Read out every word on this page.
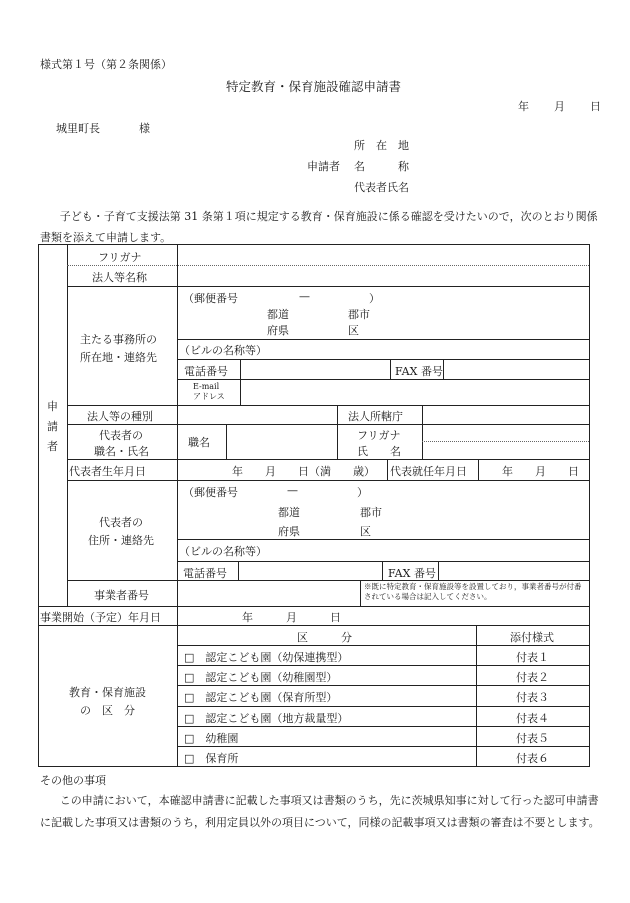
様式第１号（第２条関係）
特定教育・保育施設確認申請書
年 月 日
城里町長	様
所　在　地
申請者 名　　　称
代表者氏名
子ども・子育て支援法第 31 条第１項に規定する教育・保育施設に係る確認を受けたいので，次のとおり関係書類を添えて申請します。
申
請
者
フリガナ
法人等名称
主たる事務所の
所在地・連絡先
（郵便番号	—	）
都道	郡市
府県	区
（ビルの名称等）
電話番号	FAX 番号
E-mail
アドレス
法人等の種別	法人所轄庁
代表者の
職名・氏名
職名
フリガナ
氏　　名
代表者生年月日	年　　月　　日（満　　歳） 代表就任年月日	年　　月　　日
代表者の
住所・連絡先
（郵便番号	—	）
都道	郡市
府県	区
（ビルの名称等）
電話番号	FAX 番号
事業者番号
※既に特定教育・保育施設等を設置しており，事業者番号が付番されている場合は記入してください。
事業開始（予定）年月日	年　　　月　　　日
教育・保育施設
の　区　分
区　　　分	添付様式
□　認定こども園（幼保連携型）	付表１
□　認定こども園（幼稚園型）	付表２
□　認定こども園（保育所型）	付表３
□　認定こども園（地方裁量型）	付表４
□　幼稚園	付表５
□　保育所	付表６
その他の事項
この申請において，本確認申請書に記載した事項又は書類のうち，先に茨城県知事に対して行った認可申請書に記載した事項又は書類のうち，利用定員以外の項目について，同様の記載事項又は書類の審査は不要とします。
